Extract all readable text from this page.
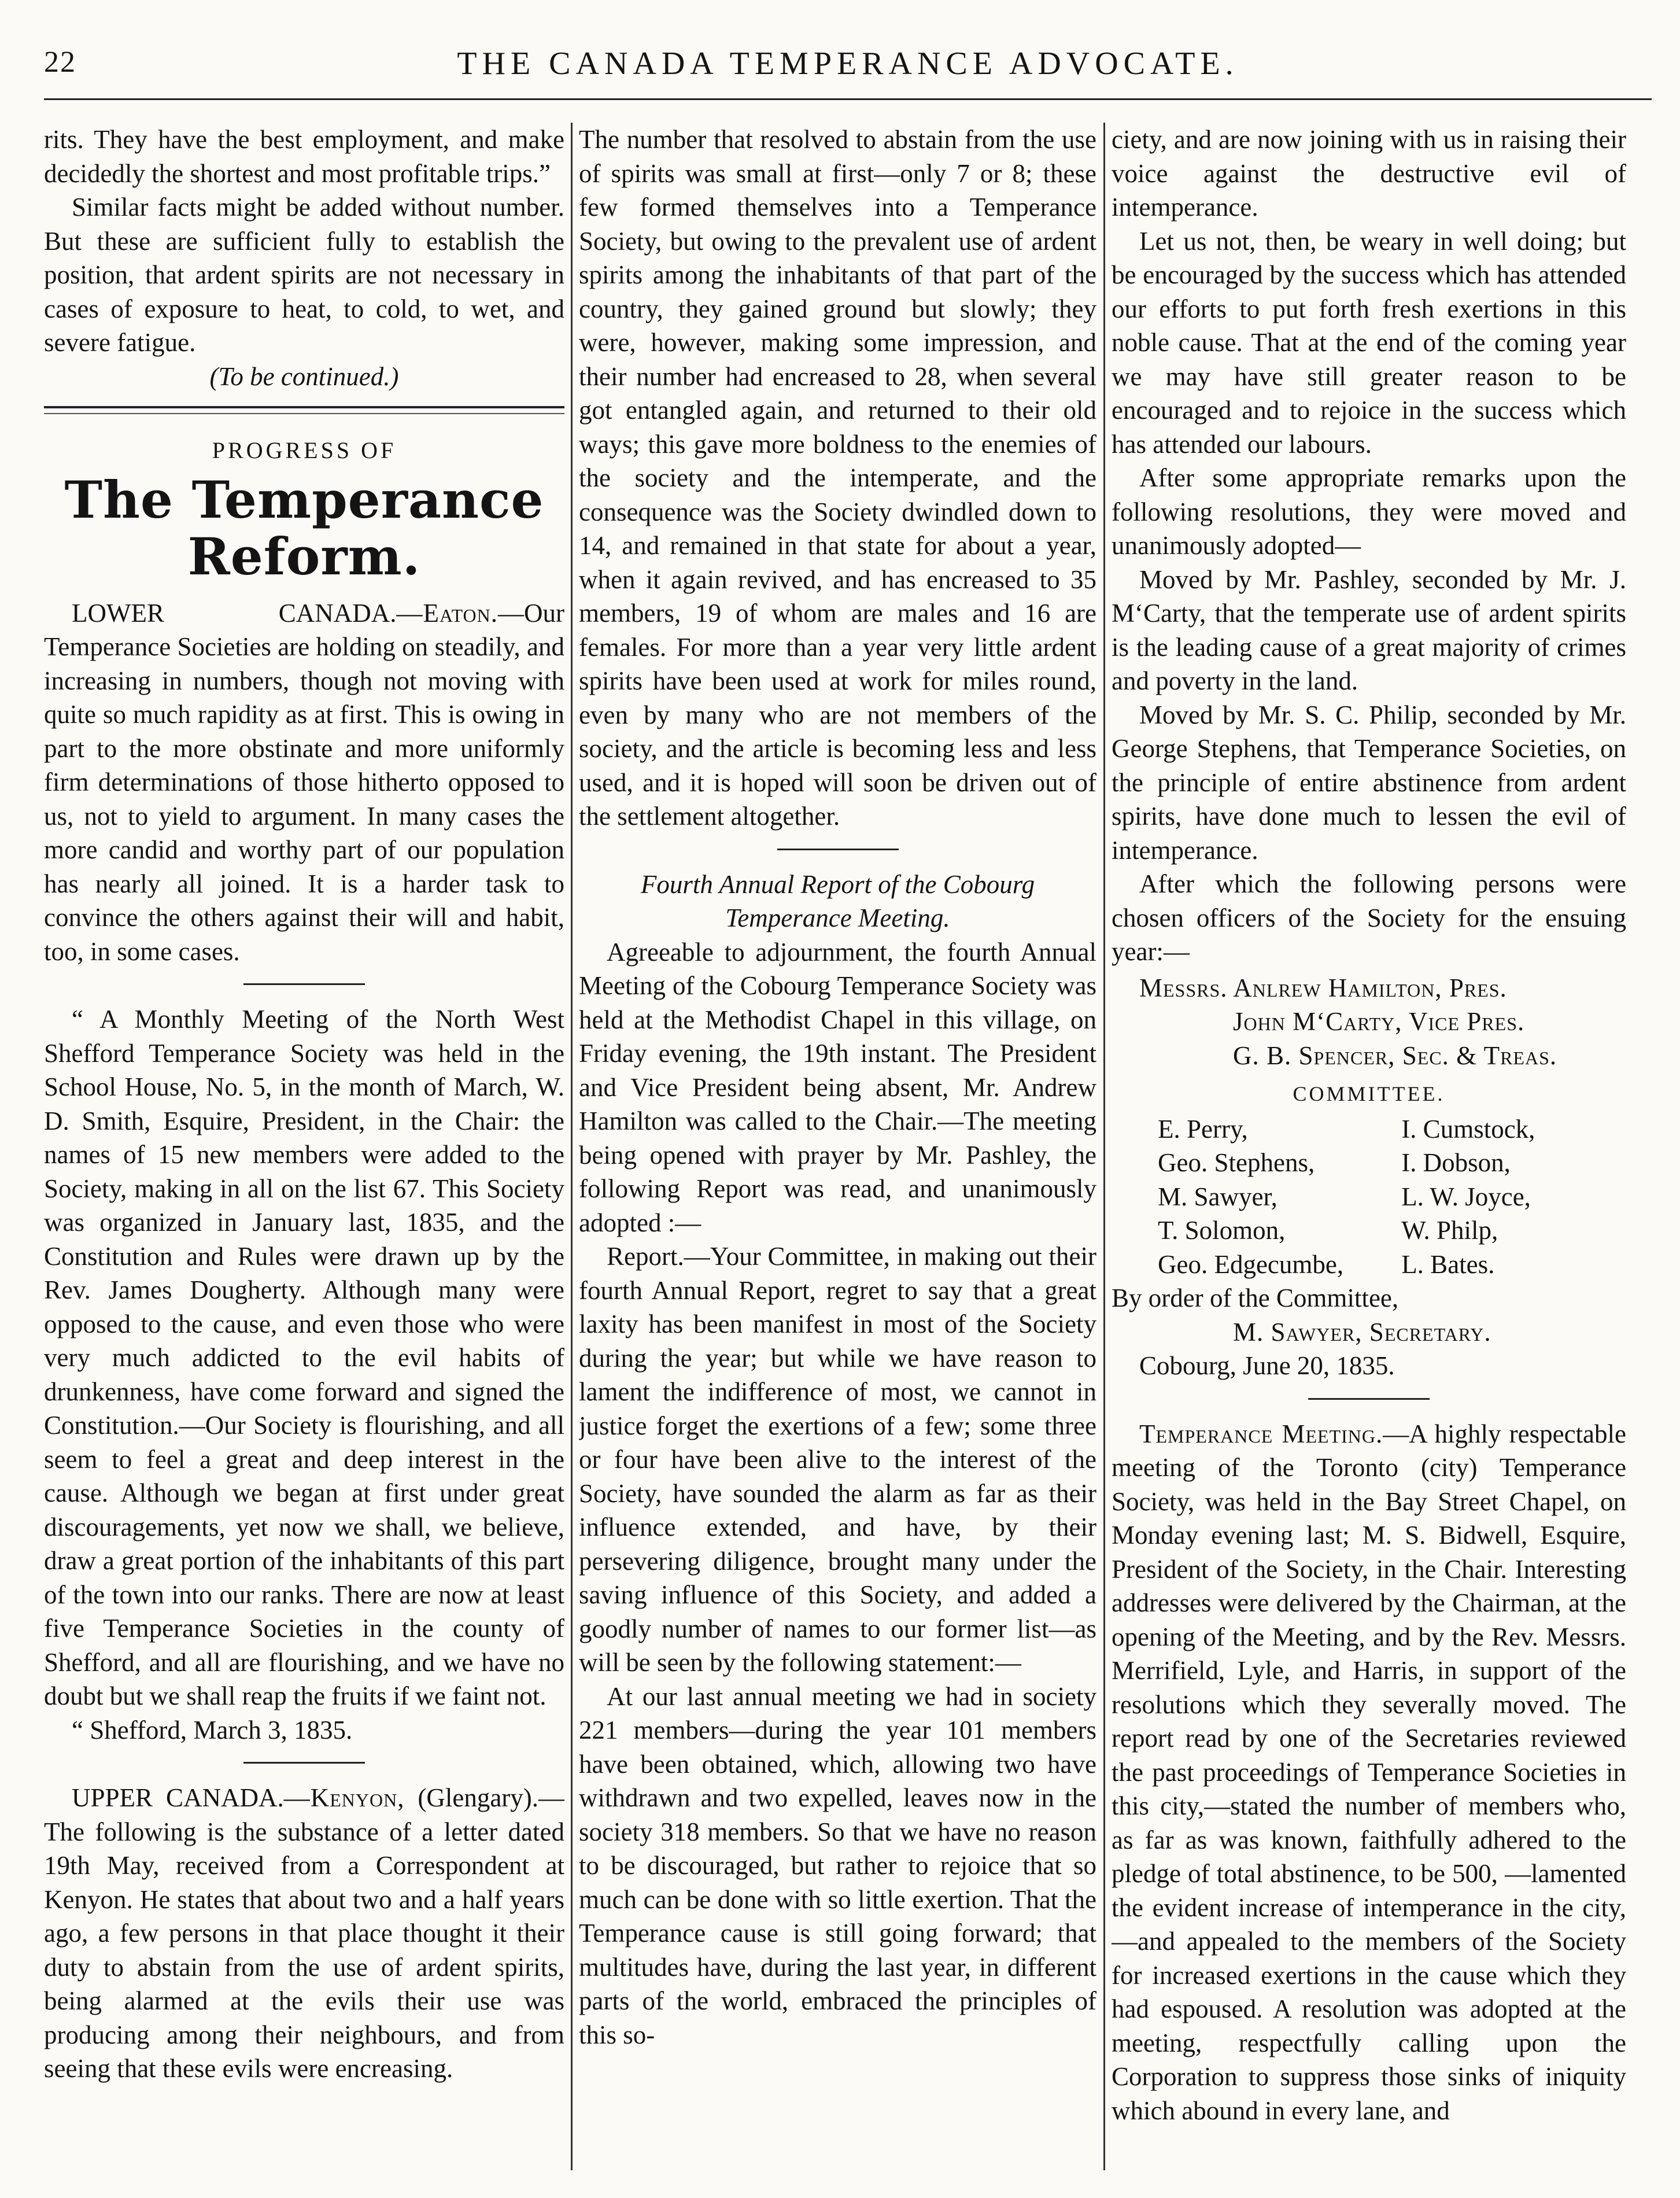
22	THE CANADA TEMPERANCE ADVOCATE.

rits. They have the best employment, and make decidedly the shortest and most profitable trips.”

Similar facts might be added without number. But these are sufficient fully to establish the position, that ardent spirits are not necessary in cases of exposure to heat, to cold, to wet, and severe fatigue.

(To be continued.)

PROGRESS OF
The Temperance Reform.

LOWER CANADA.—Eaton.—Our Temperance Societies are holding on steadily, and increasing in numbers, though not moving with quite so much rapidity as at first. This is owing in part to the more obstinate and more uniformly firm determinations of those hitherto opposed to us, not to yield to argument. In many cases the more candid and worthy part of our population has nearly all joined. It is a harder task to convince the others against their will and habit, too, in some cases.

“ A Monthly Meeting of the North West Shefford Temperance Society was held in the School House, No. 5, in the month of March, W. D. Smith, Esquire, President, in the Chair: the names of 15 new members were added to the Society, making in all on the list 67. This Society was organized in January last, 1835, and the Constitution and Rules were drawn up by the Rev. James Dougherty. Although many were opposed to the cause, and even those who were very much addicted to the evil habits of drunkenness, have come forward and signed the Constitution.—Our Society is flourishing, and all seem to feel a great and deep interest in the cause. Although we began at first under great discouragements, yet now we shall, we believe, draw a great portion of the inhabitants of this part of the town into our ranks. There are now at least five Temperance Societies in the county of Shefford, and all are flourishing, and we have no doubt but we shall reap the fruits if we faint not.

“ Shefford, March 3, 1835.

UPPER CANADA.—Kenyon, (Glengary).—The following is the substance of a letter dated 19th May, received from a Correspondent at Kenyon. He states that about two and a half years ago, a few persons in that place thought it their duty to abstain from the use of ardent spirits, being alarmed at the evils their use was producing among their neighbours, and from seeing that these evils were encreasing.

The number that resolved to abstain from the use of spirits was small at first—only 7 or 8; these few formed themselves into a Temperance Society, but owing to the prevalent use of ardent spirits among the inhabitants of that part of the country, they gained ground but slowly; they were, however, making some impression, and their number had encreased to 28, when several got entangled again, and returned to their old ways; this gave more boldness to the enemies of the society and the intemperate, and the consequence was the Society dwindled down to 14, and remained in that state for about a year, when it again revived, and has encreased to 35 members, 19 of whom are males and 16 are females. For more than a year very little ardent spirits have been used at work for miles round, even by many who are not members of the society, and the article is becoming less and less used, and it is hoped will soon be driven out of the settlement altogether.

Fourth Annual Report of the Cobourg Temperance Meeting.

Agreeable to adjournment, the fourth Annual Meeting of the Cobourg Temperance Society was held at the Methodist Chapel in this village, on Friday evening, the 19th instant. The President and Vice President being absent, Mr. Andrew Hamilton was called to the Chair.—The meeting being opened with prayer by Mr. Pashley, the following Report was read, and unanimously adopted :—

Report.—Your Committee, in making out their fourth Annual Report, regret to say that a great laxity has been manifest in most of the Society during the year; but while we have reason to lament the indifference of most, we cannot in justice forget the exertions of a few; some three or four have been alive to the interest of the Society, have sounded the alarm as far as their influence extended, and have, by their persevering diligence, brought many under the saving influence of this Society, and added a goodly number of names to our former list—as will be seen by the following statement:—

At our last annual meeting we had in society 221 members—during the year 101 members have been obtained, which, allowing two have withdrawn and two expelled, leaves now in the society 318 members. So that we have no reason to be discouraged, but rather to rejoice that so much can be done with so little exertion. That the Temperance cause is still going forward; that multitudes have, during the last year, in different parts of the world, embraced the principles of this so-

ciety, and are now joining with us in raising their voice against the destructive evil of intemperance.

Let us not, then, be weary in well doing; but be encouraged by the success which has attended our efforts to put forth fresh exertions in this noble cause. That at the end of the coming year we may have still greater reason to be encouraged and to rejoice in the success which has attended our labours.

After some appropriate remarks upon the following resolutions, they were moved and unanimously adopted—

Moved by Mr. Pashley, seconded by Mr. J. M‘Carty, that the temperate use of ardent spirits is the leading cause of a great majority of crimes and poverty in the land.

Moved by Mr. S. C. Philip, seconded by Mr. George Stephens, that Temperance Societies, on the principle of entire abstinence from ardent spirits, have done much to lessen the evil of intemperance.

After which the following persons were chosen officers of the Society for the ensuing year:—

Messrs. Anlrew Hamilton, Pres.
John M‘Carty, Vice Pres.
G. B. Spencer, Sec. & Treas.
COMMITTEE.
E. Perry,	I. Cumstock,
Geo. Stephens,	I. Dobson,
M. Sawyer,	L. W. Joyce,
T. Solomon,	W. Philp,
Geo. Edgecumbe,	L. Bates.
By order of the Committee,
M. Sawyer, Secretary.
Cobourg, June 20, 1835.

Temperance Meeting.—A highly respectable meeting of the Toronto (city) Temperance Society, was held in the Bay Street Chapel, on Monday evening last; M. S. Bidwell, Esquire, President of the Society, in the Chair. Interesting addresses were delivered by the Chairman, at the opening of the Meeting, and by the Rev. Messrs. Merrifield, Lyle, and Harris, in support of the resolutions which they severally moved. The report read by one of the Secretaries reviewed the past proceedings of Temperance Societies in this city,—stated the number of members who, as far as was known, faithfully adhered to the pledge of total abstinence, to be 500, —lamented the evident increase of intemperance in the city,—and appealed to the members of the Society for increased exertions in the cause which they had espoused. A resolution was adopted at the meeting, respectfully calling upon the Corporation to suppress those sinks of iniquity which abound in every lane, and
